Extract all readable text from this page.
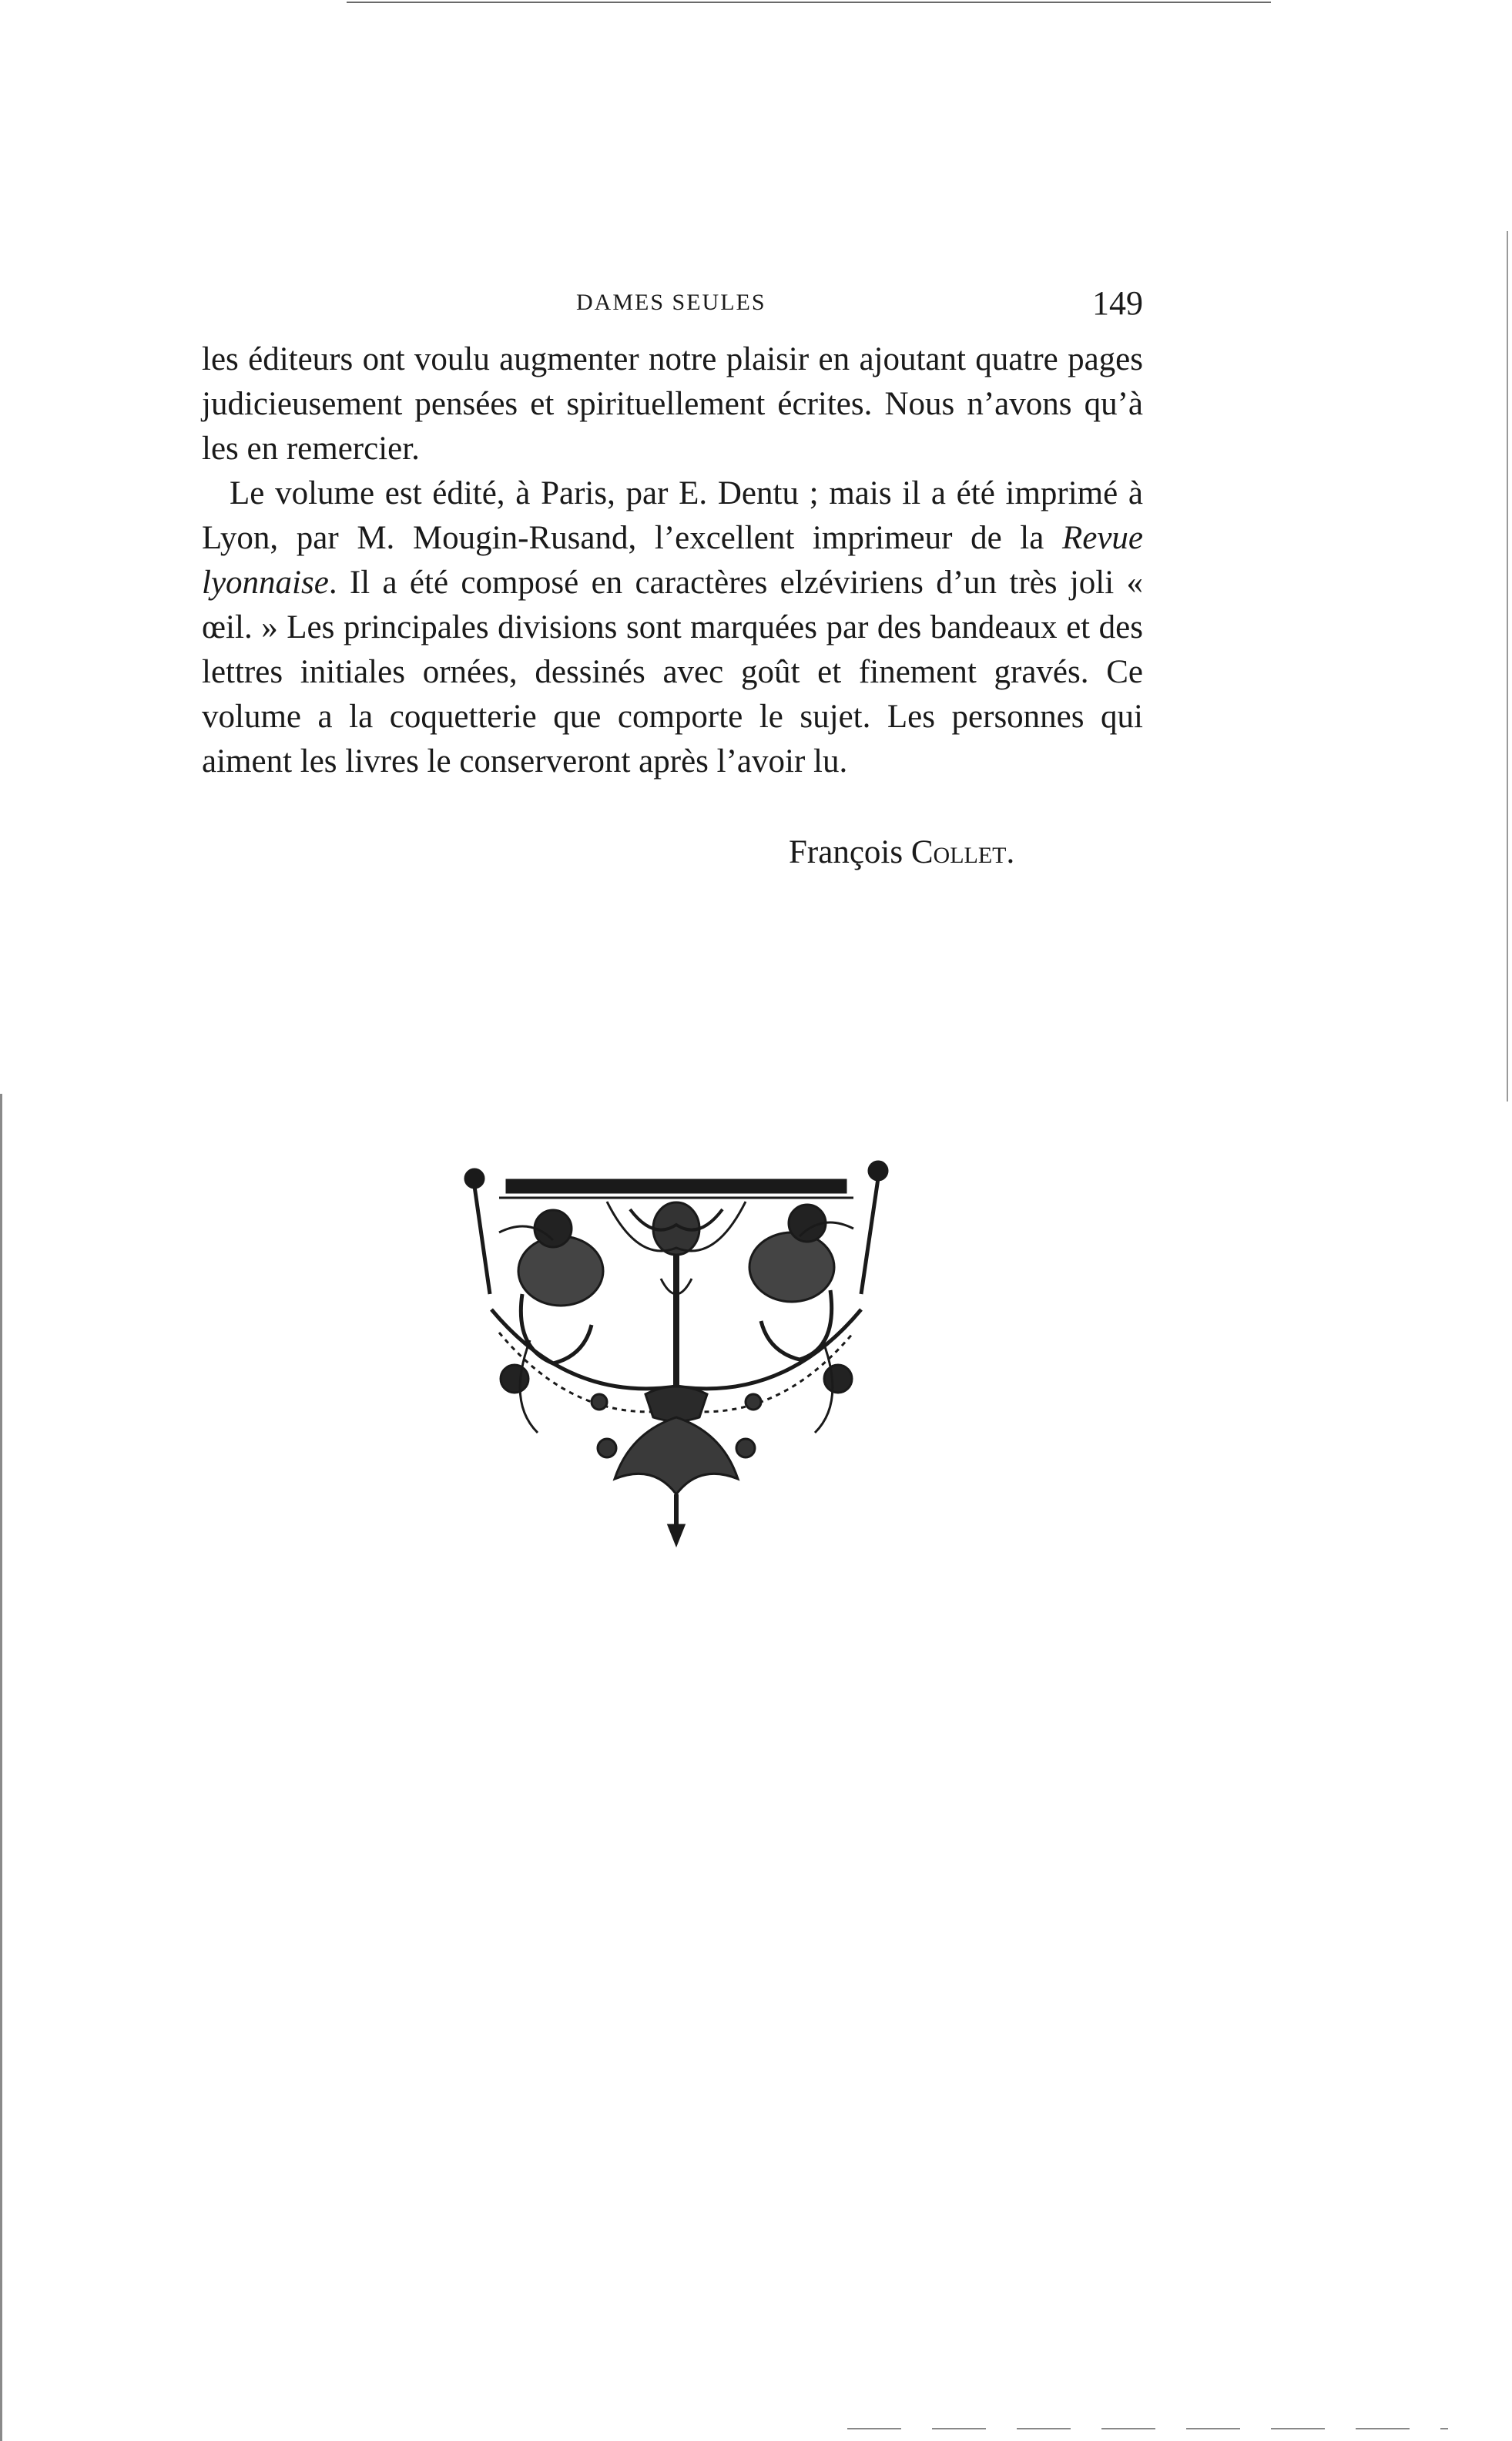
DAMES SEULES	149

les éditeurs ont voulu augmenter notre plaisir en ajoutant quatre pages judicieusement pensées et spirituellement écrites. Nous n’avons qu’à les en remercier.

Le volume est édité, à Paris, par E. Dentu ; mais il a été imprimé à Lyon, par M. Mougin-Rusand, l’excellent imprimeur de la Revue lyonnaise. Il a été composé en caractères elzéviriens d’un très joli « œil. » Les principales divisions sont marquées par des bandeaux et des lettres initiales ornées, dessinés avec goût et finement gravés. Ce volume a la coquetterie que comporte le sujet. Les personnes qui aiment les livres le conserveront après l’avoir lu.

François Collet.
